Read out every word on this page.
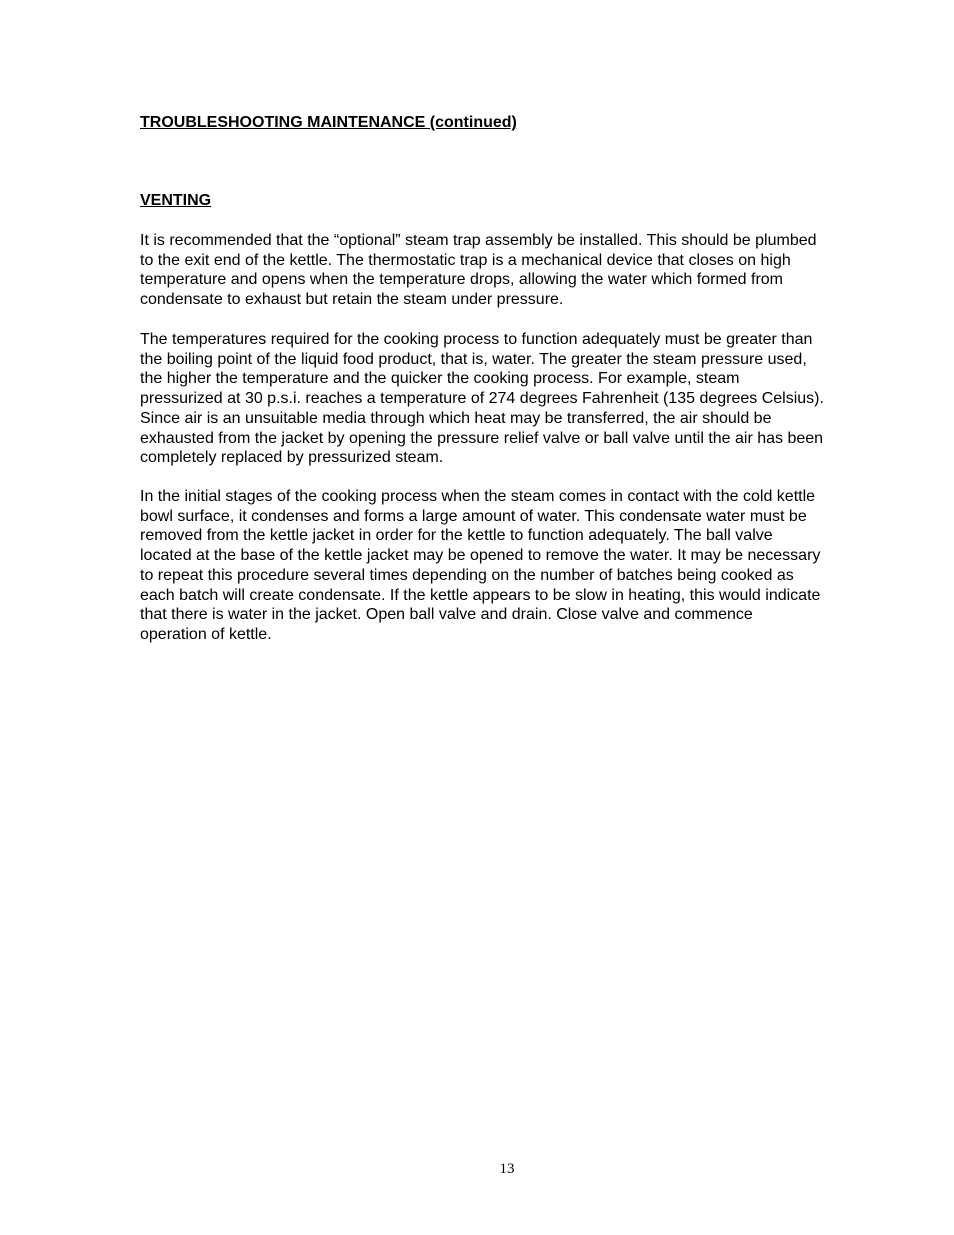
TROUBLESHOOTING MAINTENANCE (continued)
VENTING

It is recommended that the “optional” steam trap assembly be installed. This should be plumbed
to the exit end of the kettle. The thermostatic trap is a mechanical device that closes on high
temperature and opens when the temperature drops, allowing the water which formed from
condensate to exhaust but retain the steam under pressure.

The temperatures required for the cooking process to function adequately must be greater than
the boiling point of the liquid food product, that is, water. The greater the steam pressure used,
the higher the temperature and the quicker the cooking process. For example, steam
pressurized at 30 p.s.i. reaches a temperature of 274 degrees Fahrenheit (135 degrees Celsius).
Since air is an unsuitable media through which heat may be transferred, the air should be
exhausted from the jacket by opening the pressure relief valve or ball valve until the air has been
completely replaced by pressurized steam.

In the initial stages of the cooking process when the steam comes in contact with the cold kettle
bowl surface, it condenses and forms a large amount of water. This condensate water must be
removed from the kettle jacket in order for the kettle to function adequately. The ball valve
located at the base of the kettle jacket may be opened to remove the water. It may be necessary
to repeat this procedure several times depending on the number of batches being cooked as
each batch will create condensate. If the kettle appears to be slow in heating, this would indicate
that there is water in the jacket. Open ball valve and drain. Close valve and commence
operation of kettle.

13
